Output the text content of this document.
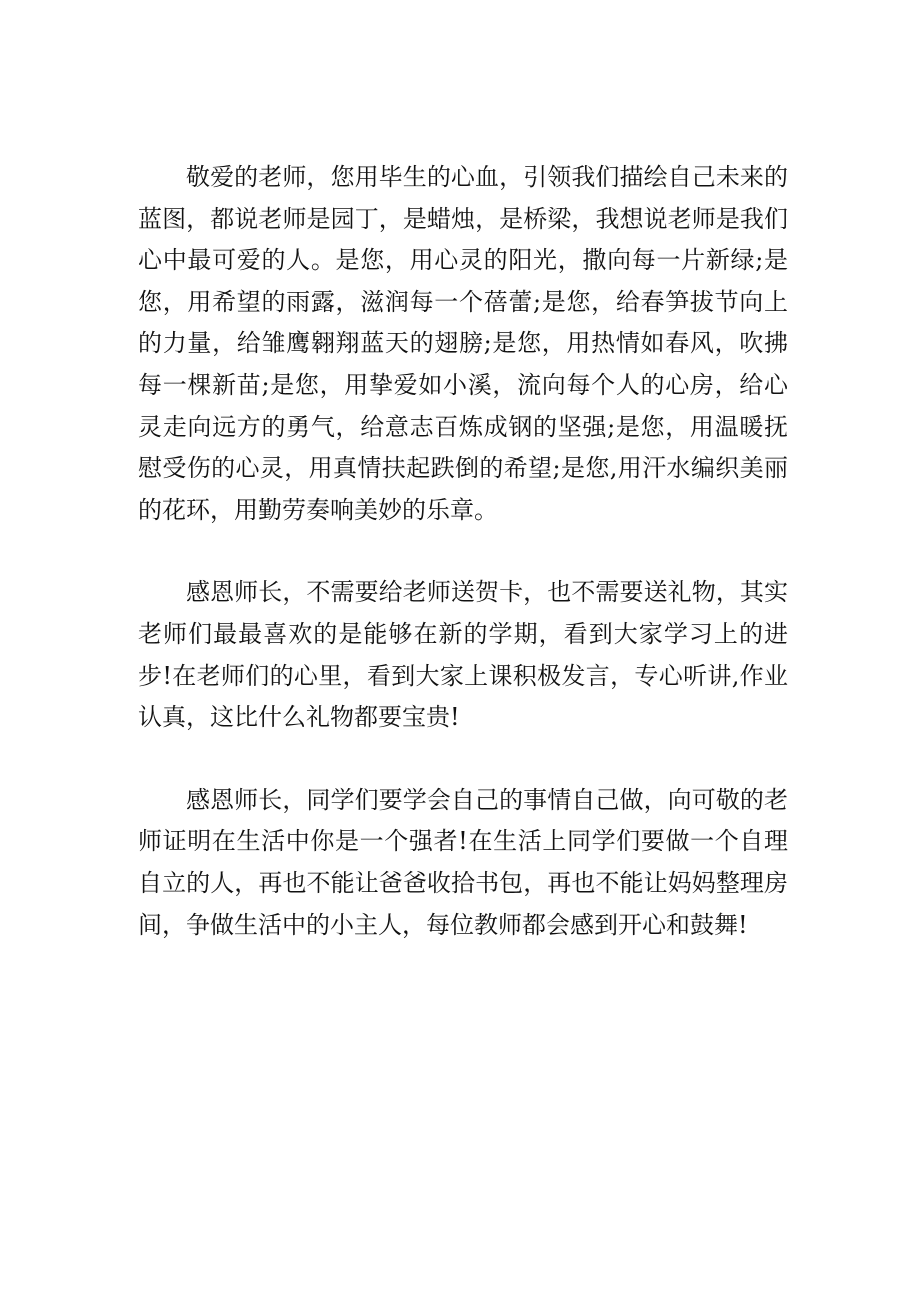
敬爱的老师，您用毕生的心血，引领我们描绘自己未来的蓝图，都说老师是园丁，是蜡烛，是桥梁，我想说老师是我们心中最可爱的人。是您，用心灵的阳光，撒向每一片新绿;是您，用希望的雨露，滋润每一个蓓蕾;是您，给春笋拔节向上的力量，给雏鹰翱翔蓝天的翅膀;是您，用热情如春风，吹拂每一棵新苗;是您，用挚爱如小溪，流向每个人的心房，给心灵走向远方的勇气，给意志百炼成钢的坚强;是您，用温暖抚慰受伤的心灵，用真情扶起跌倒的希望;是您,用汗水编织美丽的花环，用勤劳奏响美妙的乐章。

感恩师长，不需要给老师送贺卡，也不需要送礼物，其实老师们最最喜欢的是能够在新的学期，看到大家学习上的进步!在老师们的心里，看到大家上课积极发言，专心听讲,作业认真，这比什么礼物都要宝贵!

感恩师长，同学们要学会自己的事情自己做，向可敬的老师证明在生活中你是一个强者!在生活上同学们要做一个自理自立的人，再也不能让爸爸收拾书包，再也不能让妈妈整理房间，争做生活中的小主人，每位教师都会感到开心和鼓舞!
